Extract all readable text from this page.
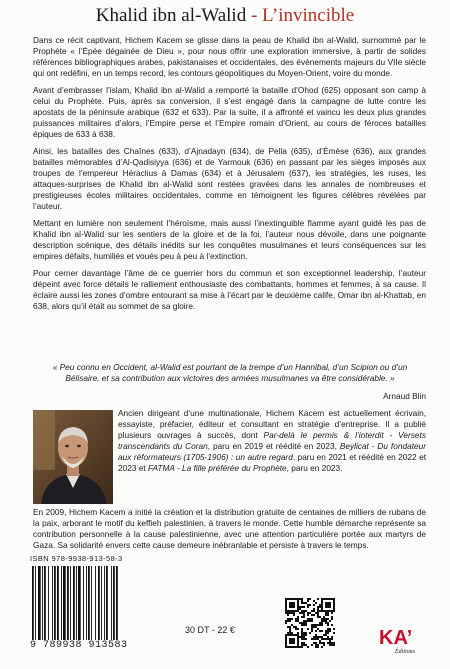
Khalid ibn al-Walid - L’invincible

Dans ce récit captivant, Hichem Kacem se glisse dans la peau de Khalid ibn al-Walid, surnommé par le Prophète « l’Épée dégainée de Dieu », pour nous offrir une exploration immersive, à partir de solides références bibliographiques arabes, pakistanaises et occidentales, des évènements majeurs du VIIe siècle qui ont redéfini, en un temps record, les contours géopolitiques du Moyen-Orient, voire du monde.

Avant d’embrasser l’islam, Khalid ibn al-Walid a remporté la bataille d’Ohod (625) opposant son camp à celui du Prophète. Puis, après sa conversion, il s’est engagé dans la campagne de lutte contre les apostats de la péninsule arabique (632 et 633). Par la suite, il a affronté et vaincu les deux plus grandes puissances militaires d’alors, l’Empire perse et l’Empire romain d’Orient, au cours de féroces batailles épiques de 633 à 638.

Ainsi, les batailles des Chaînes (633), d’Ajnadayn (634), de Pella (635), d’Émèse (636), aux grandes batailles mémorables d’Al-Qadisiyya (636) et de Yarmouk (636) en passant par les sièges imposés aux troupes de l’empereur Héraclius à Damas (634) et à Jérusalem (637), les stratégies, les ruses, les attaques-surprises de Khalid ibn al-Walid sont restées gravées dans les annales de nombreuses et prestigieuses écoles militaires occidentales, comme en témoignent les figures célèbres révélées par l’auteur.

Mettant en lumière non seulement l’héroïsme, mais aussi l’inextinguible flamme ayant guidé les pas de Khalid ibn al-Walid sur les sentiers de la gloire et de la foi, l’auteur nous dévoile, dans une poignante description scénique, des détails inédits sur les conquêtes musulmanes et leurs conséquences sur les empires défaits, humiliés et voués peu à peu à l’extinction.

Pour cerner davantage l’âme de ce guerrier hors du commun et son exceptionnel leadership, l’auteur dépeint avec force détails le ralliement enthousiaste des combattants, hommes et femmes, à sa cause. Il éclaire aussi les zones d’ombre entourant sa mise à l’écart par le deuxième calife, Omar ibn al-Khattab, en 638, alors qu’il était au sommet de sa gloire.

« Peu connu en Occident, al-Walid est pourtant de la trempe d’un Hannibal, d’un Scipion ou d’un Bélisaire, et sa contribution aux victoires des armées musulmanes va être considérable. »
Arnaud Blin
Ancien dirigeant d’une multinationale, Hichem Kacem est actuellement écrivain, essayiste, préfacier, éditeur et consultant en stratégie d’entreprise. Il a publié plusieurs ouvrages à succès, dont Par-delà le permis & l’interdit - Versets transcendants du Coran, paru en 2019 et réédité en 2023, Beylicat - Du fondateur aux réformateurs (1705-1906) : un autre regard, paru en 2021 et réédité en 2022 et 2023 et FATMA - La fille préférée du Prophète, paru en 2023.
En 2009, Hichem Kacem a initié la création et la distribution gratuite de centaines de milliers de rubans de la paix, arborant le motif du keffieh palestinien, à travers le monde. Cette humble démarche représente sa contribution personnelle à la cause palestinienne, avec une attention particulière portée aux martyrs de Gaza. Sa solidarité envers cette cause demeure inébranlable et persiste à travers le temps.
ISBN 978-9938-913-58-3
9 789938 913583
30 DT - 22 €	KA’
Éditions
